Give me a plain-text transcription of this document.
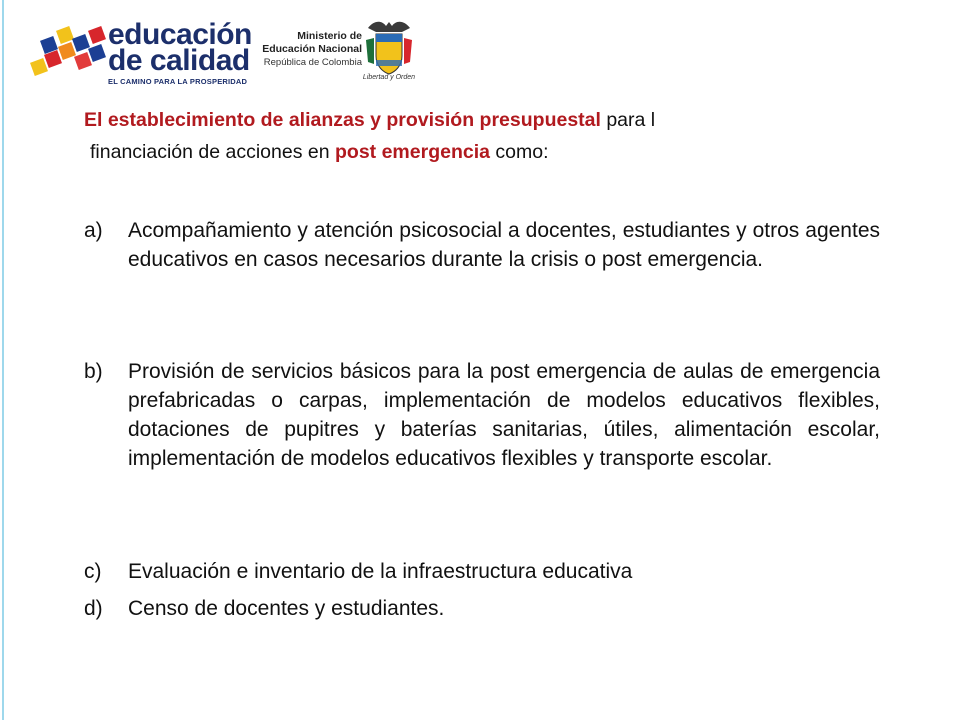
educación
de calidad
EL CAMINO PARA LA PROSPERIDAD
Ministerio de
Educación Nacional
República de Colombia
Libertad y Orden
El establecimiento de alianzas y provisión presupuestal para l
financiación de acciones en post emergencia como:
a)	Acompañamiento y atención psicosocial a docentes, estudiantes y otros agentes educativos en casos necesarios durante la crisis o post emergencia.
b)	Provisión de servicios básicos para la post emergencia de aulas de emergencia prefabricadas o carpas, implementación de modelos educativos flexibles, dotaciones de pupitres y baterías sanitarias, útiles, alimentación escolar, implementación de modelos educativos flexibles y transporte escolar.
c)	Evaluación e inventario de la infraestructura educativa
d)	Censo de docentes y estudiantes.
